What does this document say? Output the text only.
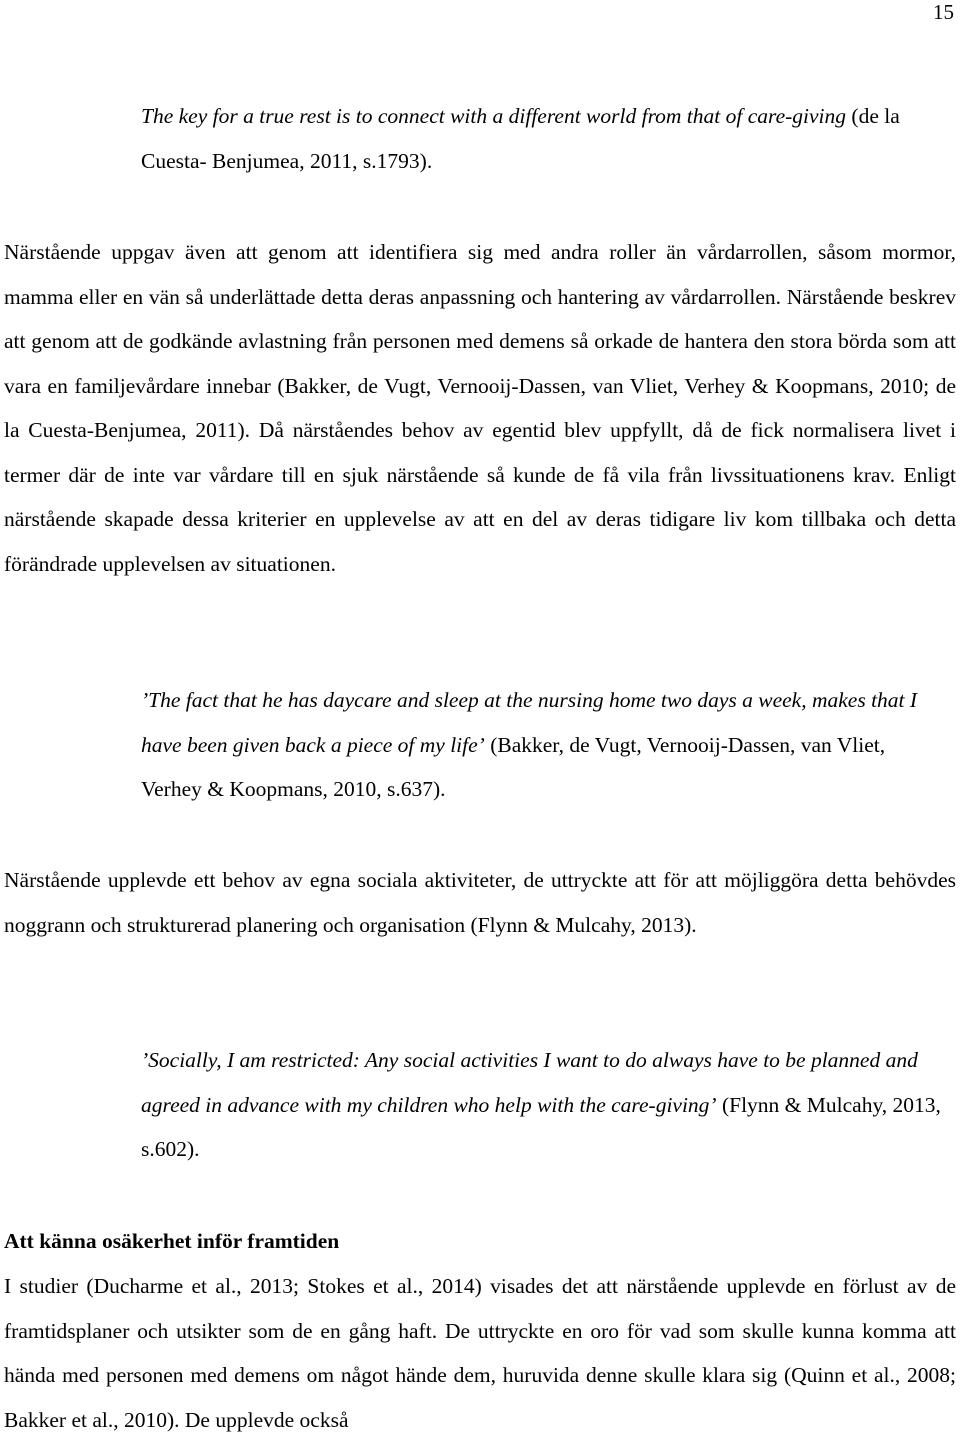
15

The key for a true rest is to connect with a different world from that of care-giving (de la Cuesta- Benjumea, 2011, s.1793).

Närstående uppgav även att genom att identifiera sig med andra roller än vårdarrollen, såsom mormor, mamma eller en vän så underlättade detta deras anpassning och hantering av vårdarrollen. Närstående beskrev att genom att de godkände avlastning från personen med demens så orkade de hantera den stora börda som att vara en familjevårdare innebar (Bakker, de Vugt, Vernooij-Dassen, van Vliet, Verhey & Koopmans, 2010; de la Cuesta-Benjumea, 2011). Då närståendes behov av egentid blev uppfyllt, då de fick normalisera livet i termer där de inte var vårdare till en sjuk närstående så kunde de få vila från livssituationens krav. Enligt närstående skapade dessa kriterier en upplevelse av att en del av deras tidigare liv kom tillbaka och detta förändrade upplevelsen av situationen.

’The fact that he has daycare and sleep at the nursing home two days a week, makes that I have been given back a piece of my life’ (Bakker, de Vugt, Vernooij-Dassen, van Vliet, Verhey & Koopmans, 2010, s.637).

Närstående upplevde ett behov av egna sociala aktiviteter, de uttryckte att för att möjliggöra detta behövdes noggrann och strukturerad planering och organisation (Flynn & Mulcahy, 2013).

’Socially, I am restricted: Any social activities I want to do always have to be planned and agreed in advance with my children who help with the care-giving’ (Flynn & Mulcahy, 2013, s.602).

Att känna osäkerhet inför framtiden

I studier (Ducharme et al., 2013; Stokes et al., 2014) visades det att närstående upplevde en förlust av de framtidsplaner och utsikter som de en gång haft. De uttryckte en oro för vad som skulle kunna komma att hända med personen med demens om något hände dem, huruvida denne skulle klara sig (Quinn et al., 2008; Bakker et al., 2010). De upplevde också
